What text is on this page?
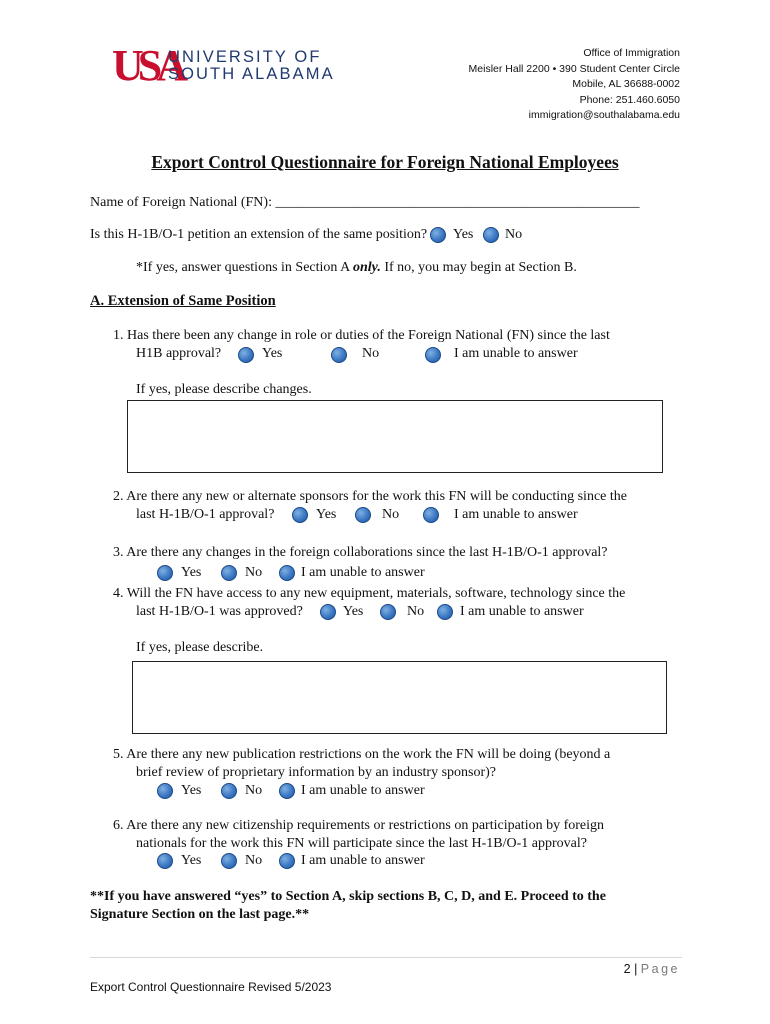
USA
UNIVERSITY OF
SOUTH ALABAMA
Office of Immigration
Meisler Hall 2200 • 390 Student Center Circle
Mobile, AL 36688-0002
Phone: 251.460.6050
immigration@southalabama.edu
Export Control Questionnaire for Foreign National Employees
Name of Foreign National (FN): ____________________________________________________
Is this H-1B/O-1 petition an extension of the same position? Yes No
*If yes, answer questions in Section A only. If no, you may begin at Section B.
A. Extension of Same Position
1. Has there been any change in role or duties of the Foreign National (FN) since the last
H1B approval?	Yes	No	I am unable to answer
If yes, please describe changes.
2. Are there any new or alternate sponsors for the work this FN will be conducting since the
last H-1B/O-1 approval?	Yes	No	I am unable to answer
3. Are there any changes in the foreign collaborations since the last H-1B/O-1 approval?
Yes	No	I am unable to answer
4. Will the FN have access to any new equipment, materials, software, technology since the
last H-1B/O-1 was approved?	Yes	No	I am unable to answer
If yes, please describe.
5. Are there any new publication restrictions on the work the FN will be doing (beyond a
brief review of proprietary information by an industry sponsor)?
Yes	No	I am unable to answer
6. Are there any new citizenship requirements or restrictions on participation by foreign
nationals for the work this FN will participate since the last H-1B/O-1 approval?
Yes	No	I am unable to answer
**If you have answered “yes” to Section A, skip sections B, C, D, and E. Proceed to the
Signature Section on the last page.**
2 | Page
Export Control Questionnaire Revised 5/2023
